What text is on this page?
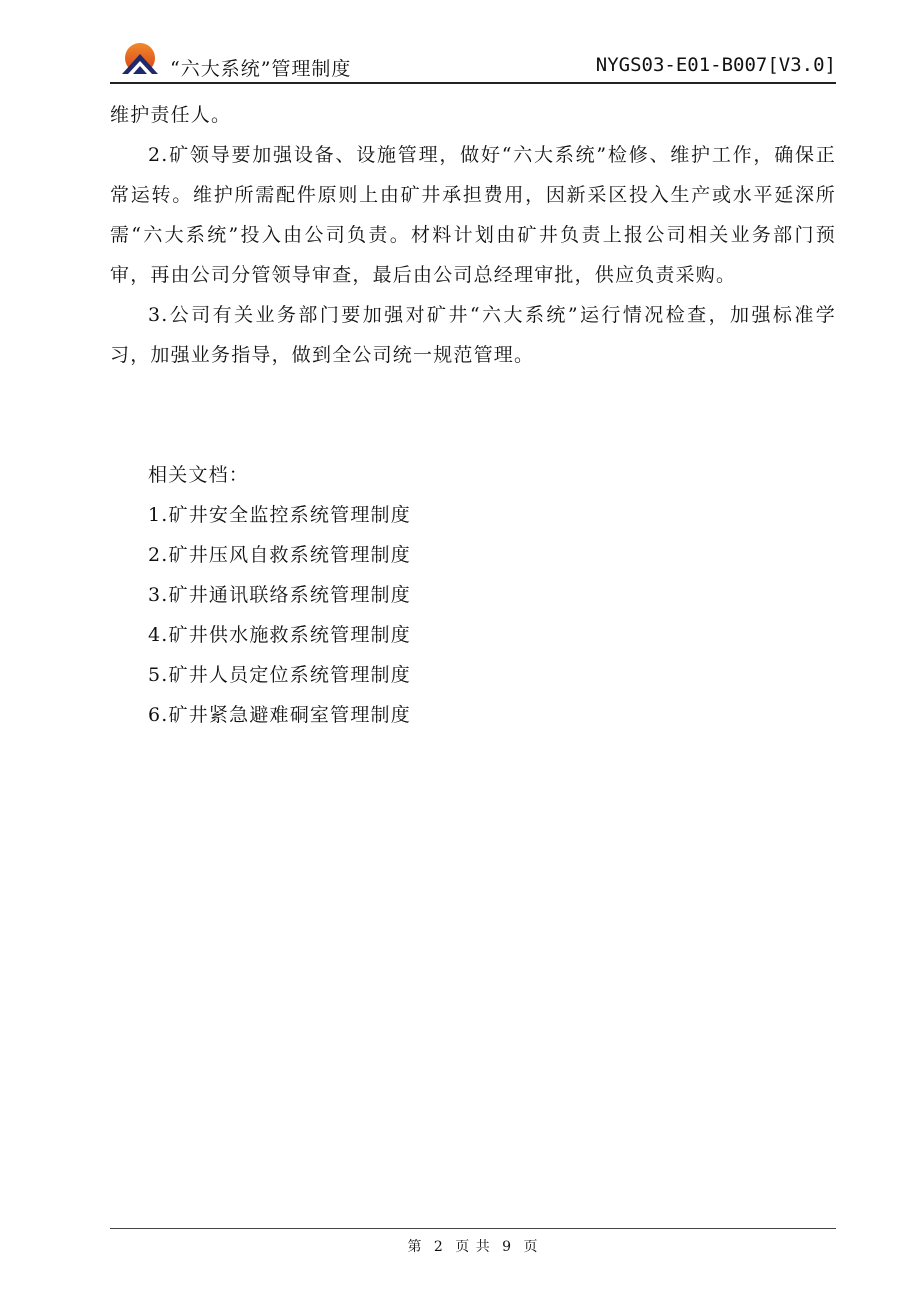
“六大系统”管理制度	NYGS03-E01-B007[V3.0]

维护责任人。

2.矿领导要加强设备、设施管理，做好“六大系统”检修、维护工作，确保正常运转。维护所需配件原则上由矿井承担费用，因新采区投入生产或水平延深所需“六大系统”投入由公司负责。材料计划由矿井负责上报公司相关业务部门预审，再由公司分管领导审查，最后由公司总经理审批，供应负责采购。

3.公司有关业务部门要加强对矿井“六大系统”运行情况检查，加强标准学习，加强业务指导，做到全公司统一规范管理。

相关文档：
1.矿井安全监控系统管理制度
2.矿井压风自救系统管理制度
3.矿井通讯联络系统管理制度
4.矿井供水施救系统管理制度
5.矿井人员定位系统管理制度
6.矿井紧急避难硐室管理制度
第 2 页 共 9 页
